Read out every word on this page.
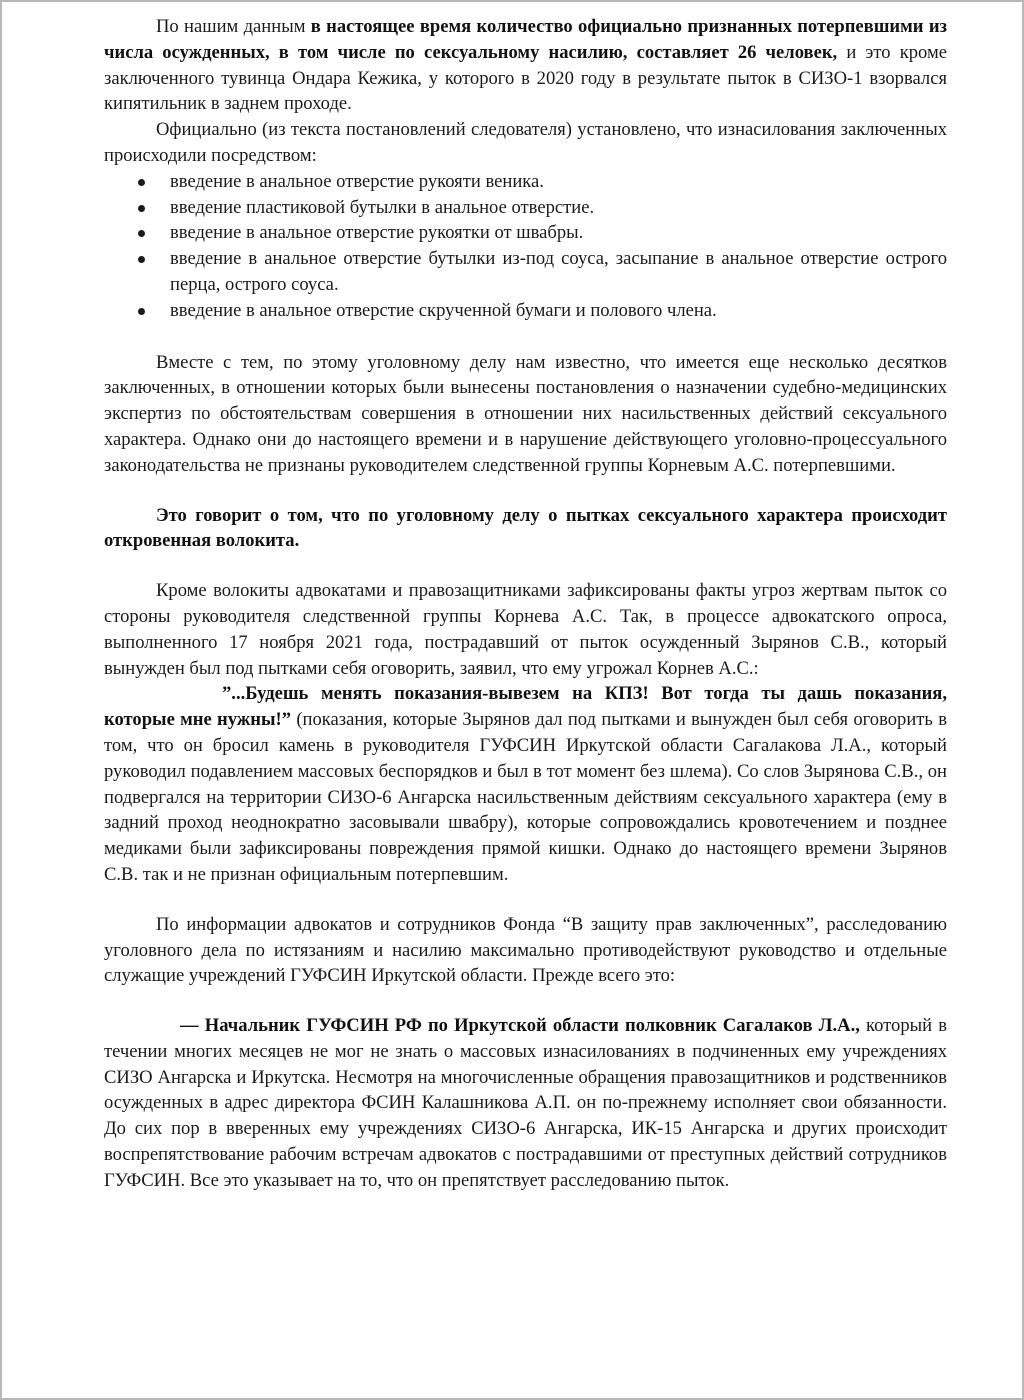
По нашим данным в настоящее время количество официально признанных потерпевшими из числа осужденных, в том числе по сексуальному насилию, составляет 26 человек, и это кроме заключенного тувинца Ондара Кежика, у которого в 2020 году в результате пыток в СИЗО-1 взорвался кипятильник в заднем проходе.

Официально (из текста постановлений следователя) установлено, что изнасилования заключенных происходили посредством:

введение в анальное отверстие рукояти веника.
введение пластиковой бутылки в анальное отверстие.
введение в анальное отверстие рукоятки от швабры.
введение в анальное отверстие бутылки из-под соуса, засыпание в анальное отверстие острого перца, острого соуса.
введение в анальное отверстие скрученной бумаги и полового члена.

Вместе с тем, по этому уголовному делу нам известно, что имеется еще несколько десятков заключенных, в отношении которых были вынесены постановления о назначении судебно-медицинских экспертиз по обстоятельствам совершения в отношении них насильственных действий сексуального характера. Однако они до настоящего времени и в нарушение действующего уголовно-процессуального законодательства не признаны руководителем следственной группы Корневым А.С. потерпевшими.

Это говорит о том, что по уголовному делу о пытках сексуального характера происходит откровенная волокита.

Кроме волокиты адвокатами и правозащитниками зафиксированы факты угроз жертвам пыток со стороны руководителя следственной группы Корнева А.С. Так, в процессе адвокатского опроса, выполненного 17 ноября 2021 года, пострадавший от пыток осужденный Зырянов С.В., который вынужден был под пытками себя оговорить, заявил, что ему угрожал Корнев А.С.:

”...Будешь менять показания-вывезем на КПЗ! Вот тогда ты дашь показания, которые мне нужны!” (показания, которые Зырянов дал под пытками и вынужден был себя оговорить в том, что он бросил камень в руководителя ГУФСИН Иркутской области Сагалакова Л.А., который руководил подавлением массовых беспорядков и был в тот момент без шлема). Со слов Зырянова С.В., он подвергался на территории СИЗО-6 Ангарска насильственным действиям сексуального характера (ему в задний проход неоднократно засовывали швабру), которые сопровождались кровотечением и позднее медиками были зафиксированы повреждения прямой кишки. Однако до настоящего времени Зырянов С.В. так и не признан официальным потерпевшим.

По информации адвокатов и сотрудников Фонда “В защиту прав заключенных”, расследованию уголовного дела по истязаниям и насилию максимально противодействуют руководство и отдельные служащие учреждений ГУФСИН Иркутской области. Прежде всего это:

— Начальник ГУФСИН РФ по Иркутской области полковник Сагалаков Л.А., который в течении многих месяцев не мог не знать о массовых изнасилованиях в подчиненных ему учреждениях СИЗО Ангарска и Иркутска. Несмотря на многочисленные обращения правозащитников и родственников осужденных в адрес директора ФСИН Калашникова А.П. он по-прежнему исполняет свои обязанности. До сих пор в вверенных ему учреждениях СИЗО-6 Ангарска, ИК-15 Ангарска и других происходит воспрепятствование рабочим встречам адвокатов с пострадавшими от преступных действий сотрудников ГУФСИН. Все это указывает на то, что он препятствует расследованию пыток.
